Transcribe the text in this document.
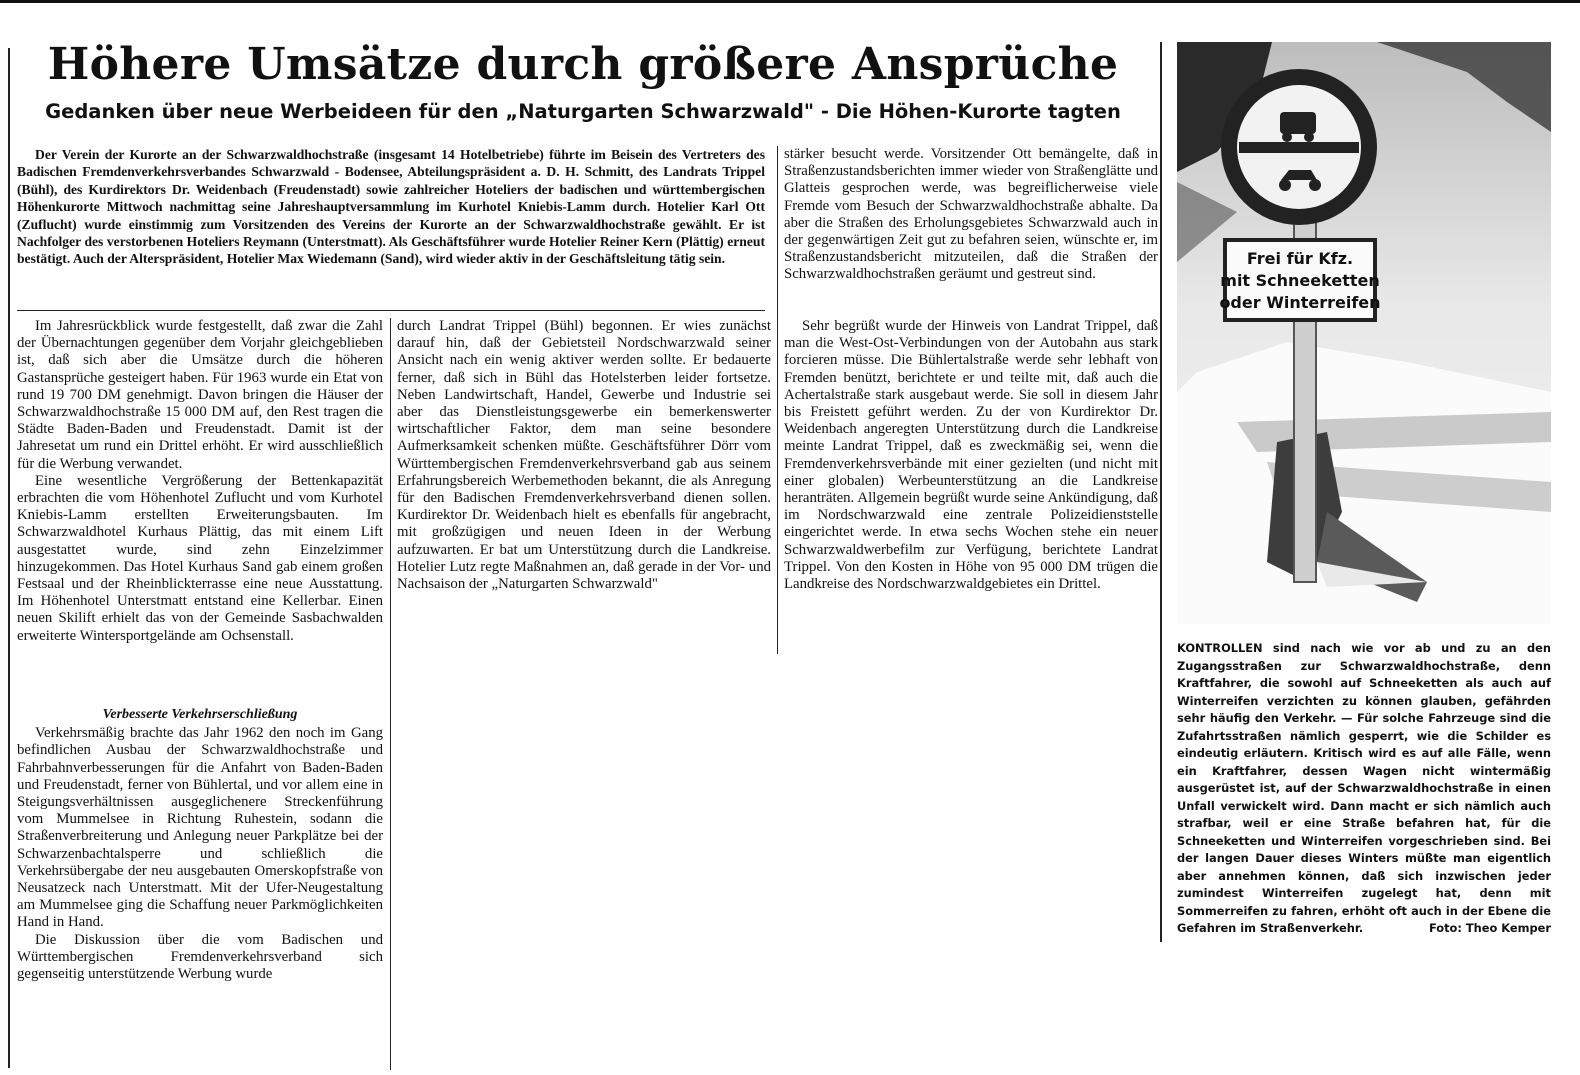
Höhere Umsätze durch größere Ansprüche
Gedanken über neue Werbeideen für den „Naturgarten Schwarzwald" - Die Höhen-Kurorte tagten
Der Verein der Kurorte an der Schwarzwaldhochstraße (insgesamt 14 Hotelbetriebe) führte im Beisein des Vertreters des Badischen Fremdenverkehrsverbandes Schwarzwald - Bodensee, Abteilungspräsident a. D. H. Schmitt, des Landrats Trippel (Bühl), des Kurdirektors Dr. Weidenbach (Freudenstadt) sowie zahlreicher Hoteliers der badischen und württembergischen Höhenkurorte Mittwoch nachmittag seine Jahreshauptversammlung im Kurhotel Kniebis-Lamm durch. Hotelier Karl Ott (Zuflucht) wurde einstimmig zum Vorsitzenden des Vereins der Kurorte an der Schwarzwaldhochstraße gewählt. Er ist Nachfolger des verstorbenen Hoteliers Reymann (Unterstmatt). Als Geschäftsführer wurde Hotelier Reiner Kern (Plättig) erneut bestätigt. Auch der Alterspräsident, Hotelier Max Wiedemann (Sand), wird wieder aktiv in der Geschäftsleitung tätig sein.

Im Jahresrückblick wurde festgestellt, daß zwar die Zahl der Übernachtungen gegenüber dem Vorjahr gleichgeblieben ist, daß sich aber die Umsätze durch die höheren Gastansprüche gesteigert haben. Für 1963 wurde ein Etat von rund 19 700 DM genehmigt. Davon bringen die Häuser der Schwarzwaldhochstraße 15 000 DM auf, den Rest tragen die Städte Baden-Baden und Freudenstadt. Damit ist der Jahresetat um rund ein Drittel erhöht. Er wird ausschließlich für die Werbung verwandet.

Eine wesentliche Vergrößerung der Bettenkapazität erbrachten die vom Höhenhotel Zuflucht und vom Kurhotel Kniebis-Lamm erstellten Erweiterungsbauten. Im Schwarzwaldhotel Kurhaus Plättig, das mit einem Lift ausgestattet wurde, sind zehn Einzelzimmer hinzugekommen. Das Hotel Kurhaus Sand gab einem großen Festsaal und der Rheinblickterrasse eine neue Ausstattung. Im Höhenhotel Unterstmatt entstand eine Kellerbar. Einen neuen Skilift erhielt das von der Gemeinde Sasbachwalden erweiterte Wintersportgelände am Ochsenstall.

Verbesserte Verkehrserschließung

Verkehrsmäßig brachte das Jahr 1962 den noch im Gang befindlichen Ausbau der Schwarzwaldhochstraße und Fahrbahnverbesserungen für die Anfahrt von Baden-Baden und Freudenstadt, ferner von Bühlertal, und vor allem eine in Steigungsverhältnissen ausgeglichenere Streckenführung vom Mummelsee in Richtung Ruhestein, sodann die Straßenverbreiterung und Anlegung neuer Parkplätze bei der Schwarzenbachtalsperre und schließlich die Verkehrsübergabe der neu ausgebauten Omerskopfstraße von Neusatzeck nach Unterstmatt. Mit der Ufer-Neugestaltung am Mummelsee ging die Schaffung neuer Parkmöglichkeiten Hand in Hand.

Die Diskussion über die vom Badischen und Württembergischen Fremdenverkehrsverband sich gegenseitig unterstützende Werbung wurde

durch Landrat Trippel (Bühl) begonnen. Er wies zunächst darauf hin, daß der Gebietsteil Nordschwarzwald seiner Ansicht nach ein wenig aktiver werden sollte. Er bedauerte ferner, daß sich in Bühl das Hotelsterben leider fortsetze. Neben Landwirtschaft, Handel, Gewerbe und Industrie sei aber das Dienstleistungsgewerbe ein bemerkenswerter wirtschaftlicher Faktor, dem man seine besondere Aufmerksamkeit schenken müßte. Geschäftsführer Dörr vom Württembergischen Fremdenverkehrsverband gab aus seinem Erfahrungsbereich Werbemethoden bekannt, die als Anregung für den Badischen Fremdenverkehrsverband dienen sollen. Kurdirektor Dr. Weidenbach hielt es ebenfalls für angebracht, mit großzügigen und neuen Ideen in der Werbung aufzuwarten. Er bat um Unterstützung durch die Landkreise. Hotelier Lutz regte Maßnahmen an, daß gerade in der Vor- und Nachsaison der „Naturgarten Schwarzwald"

stärker besucht werde. Vorsitzender Ott bemängelte, daß in Straßenzustandsberichten immer wieder von Straßenglätte und Glatteis gesprochen werde, was begreiflicherweise viele Fremde vom Besuch der Schwarzwaldhochstraße abhalte. Da aber die Straßen des Erholungsgebietes Schwarzwald auch in der gegenwärtigen Zeit gut zu befahren seien, wünschte er, im Straßenzustandsbericht mitzuteilen, daß die Straßen der Schwarzwaldhochstraßen geräumt und gestreut sind.

Sehr begrüßt wurde der Hinweis von Landrat Trippel, daß man die West-Ost-Verbindungen von der Autobahn aus stark forcieren müsse. Die Bühlertalstraße werde sehr lebhaft von Fremden benützt, berichtete er und teilte mit, daß auch die Achertalstraße stark ausgebaut werde. Sie soll in diesem Jahr bis Freistett geführt werden. Zu der von Kurdirektor Dr. Weidenbach angeregten Unterstützung durch die Landkreise meinte Landrat Trippel, daß es zweckmäßig sei, wenn die Fremdenverkehrsverbände mit einer gezielten (und nicht mit einer globalen) Werbeunterstützung an die Landkreise heranträten. Allgemein begrüßt wurde seine Ankündigung, daß im Nordschwarzwald eine zentrale Polizeidienststelle eingerichtet werde. In etwa sechs Wochen stehe ein neuer Schwarzwaldwerbefilm zur Verfügung, berichtete Landrat Trippel. Von den Kosten in Höhe von 95 000 DM trügen die Landkreise des Nordschwarzwaldgebietes ein Drittel.

Frei für Kfz.
mit Schneeketten
oder Winterreifen
KONTROLLEN sind nach wie vor ab und zu an den Zugangsstraßen zur Schwarzwaldhochstraße, denn Kraftfahrer, die sowohl auf Schneeketten als auch auf Winterreifen verzichten zu können glauben, gefährden sehr häufig den Verkehr. — Für solche Fahrzeuge sind die Zufahrtsstraßen nämlich gesperrt, wie die Schilder es eindeutig erläutern. Kritisch wird es auf alle Fälle, wenn ein Kraftfahrer, dessen Wagen nicht wintermäßig ausgerüstet ist, auf der Schwarzwaldhochstraße in einen Unfall verwickelt wird. Dann macht er sich nämlich auch strafbar, weil er eine Straße befahren hat, für die Schneeketten und Winterreifen vorgeschrieben sind. Bei der langen Dauer dieses Winters müßte man eigentlich aber annehmen können, daß sich inzwischen jeder zumindest Winterreifen zugelegt hat, denn mit Sommerreifen zu fahren, erhöht oft auch in der Ebene die Gefahren im Straßenverkehr.	Foto: Theo Kemper
